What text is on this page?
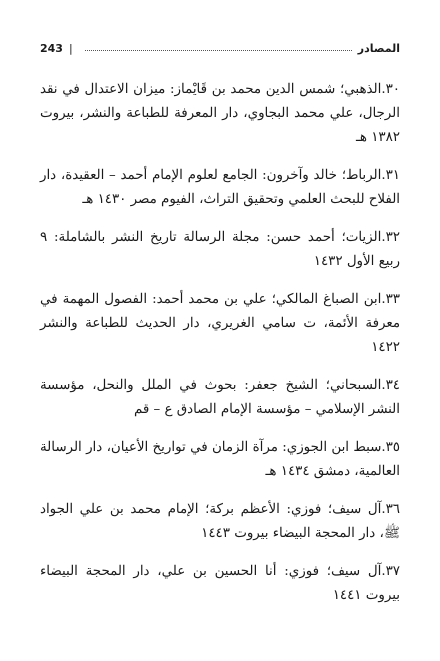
المصادر
|
243
٣٠.الذهبي؛ شمس الدين محمد بن قَايْماز: ميزان الاعتدال في نقد الرجال، علي محمد البجاوي، دار المعرفة للطباعة والنشر، بيروت ١٣٨٢ هـ
٣١.الرباط؛ خالد وآخرون: الجامع لعلوم الإمام أحمد – العقيدة، دار الفلاح للبحث العلمي وتحقيق التراث، الفيوم مصر ١٤٣٠ هـ
٣٢.الزيات؛ أحمد حسن: مجلة الرسالة تاريخ النشر بالشاملة: ٩ ربيع الأول ١٤٣٢
٣٣.ابن الصباغ المالكي؛ علي بن محمد أحمد: الفصول المهمة في معرفة الأئمة، ت سامي الغريري، دار الحديث للطباعة والنشر ١٤٢٢
٣٤.السبحاني؛ الشيخ جعفر: بحوث في الملل والنحل، مؤسسة النشر الإسلامي – مؤسسة الإمام الصادق ع – قم
٣٥.سبط ابن الجوزي: مرآة الزمان في تواريخ الأعيان، دار الرسالة العالمية، دمشق ١٤٣٤ هـ
٣٦.آل سيف؛ فوزي: الأعظم بركة؛ الإمام محمد بن علي الجواد ﷺ، دار المحجة البيضاء بيروت ١٤٤٣
٣٧.آل سيف؛ فوزي: أنا الحسين بن علي، دار المحجة البيضاء بيروت ١٤٤١
